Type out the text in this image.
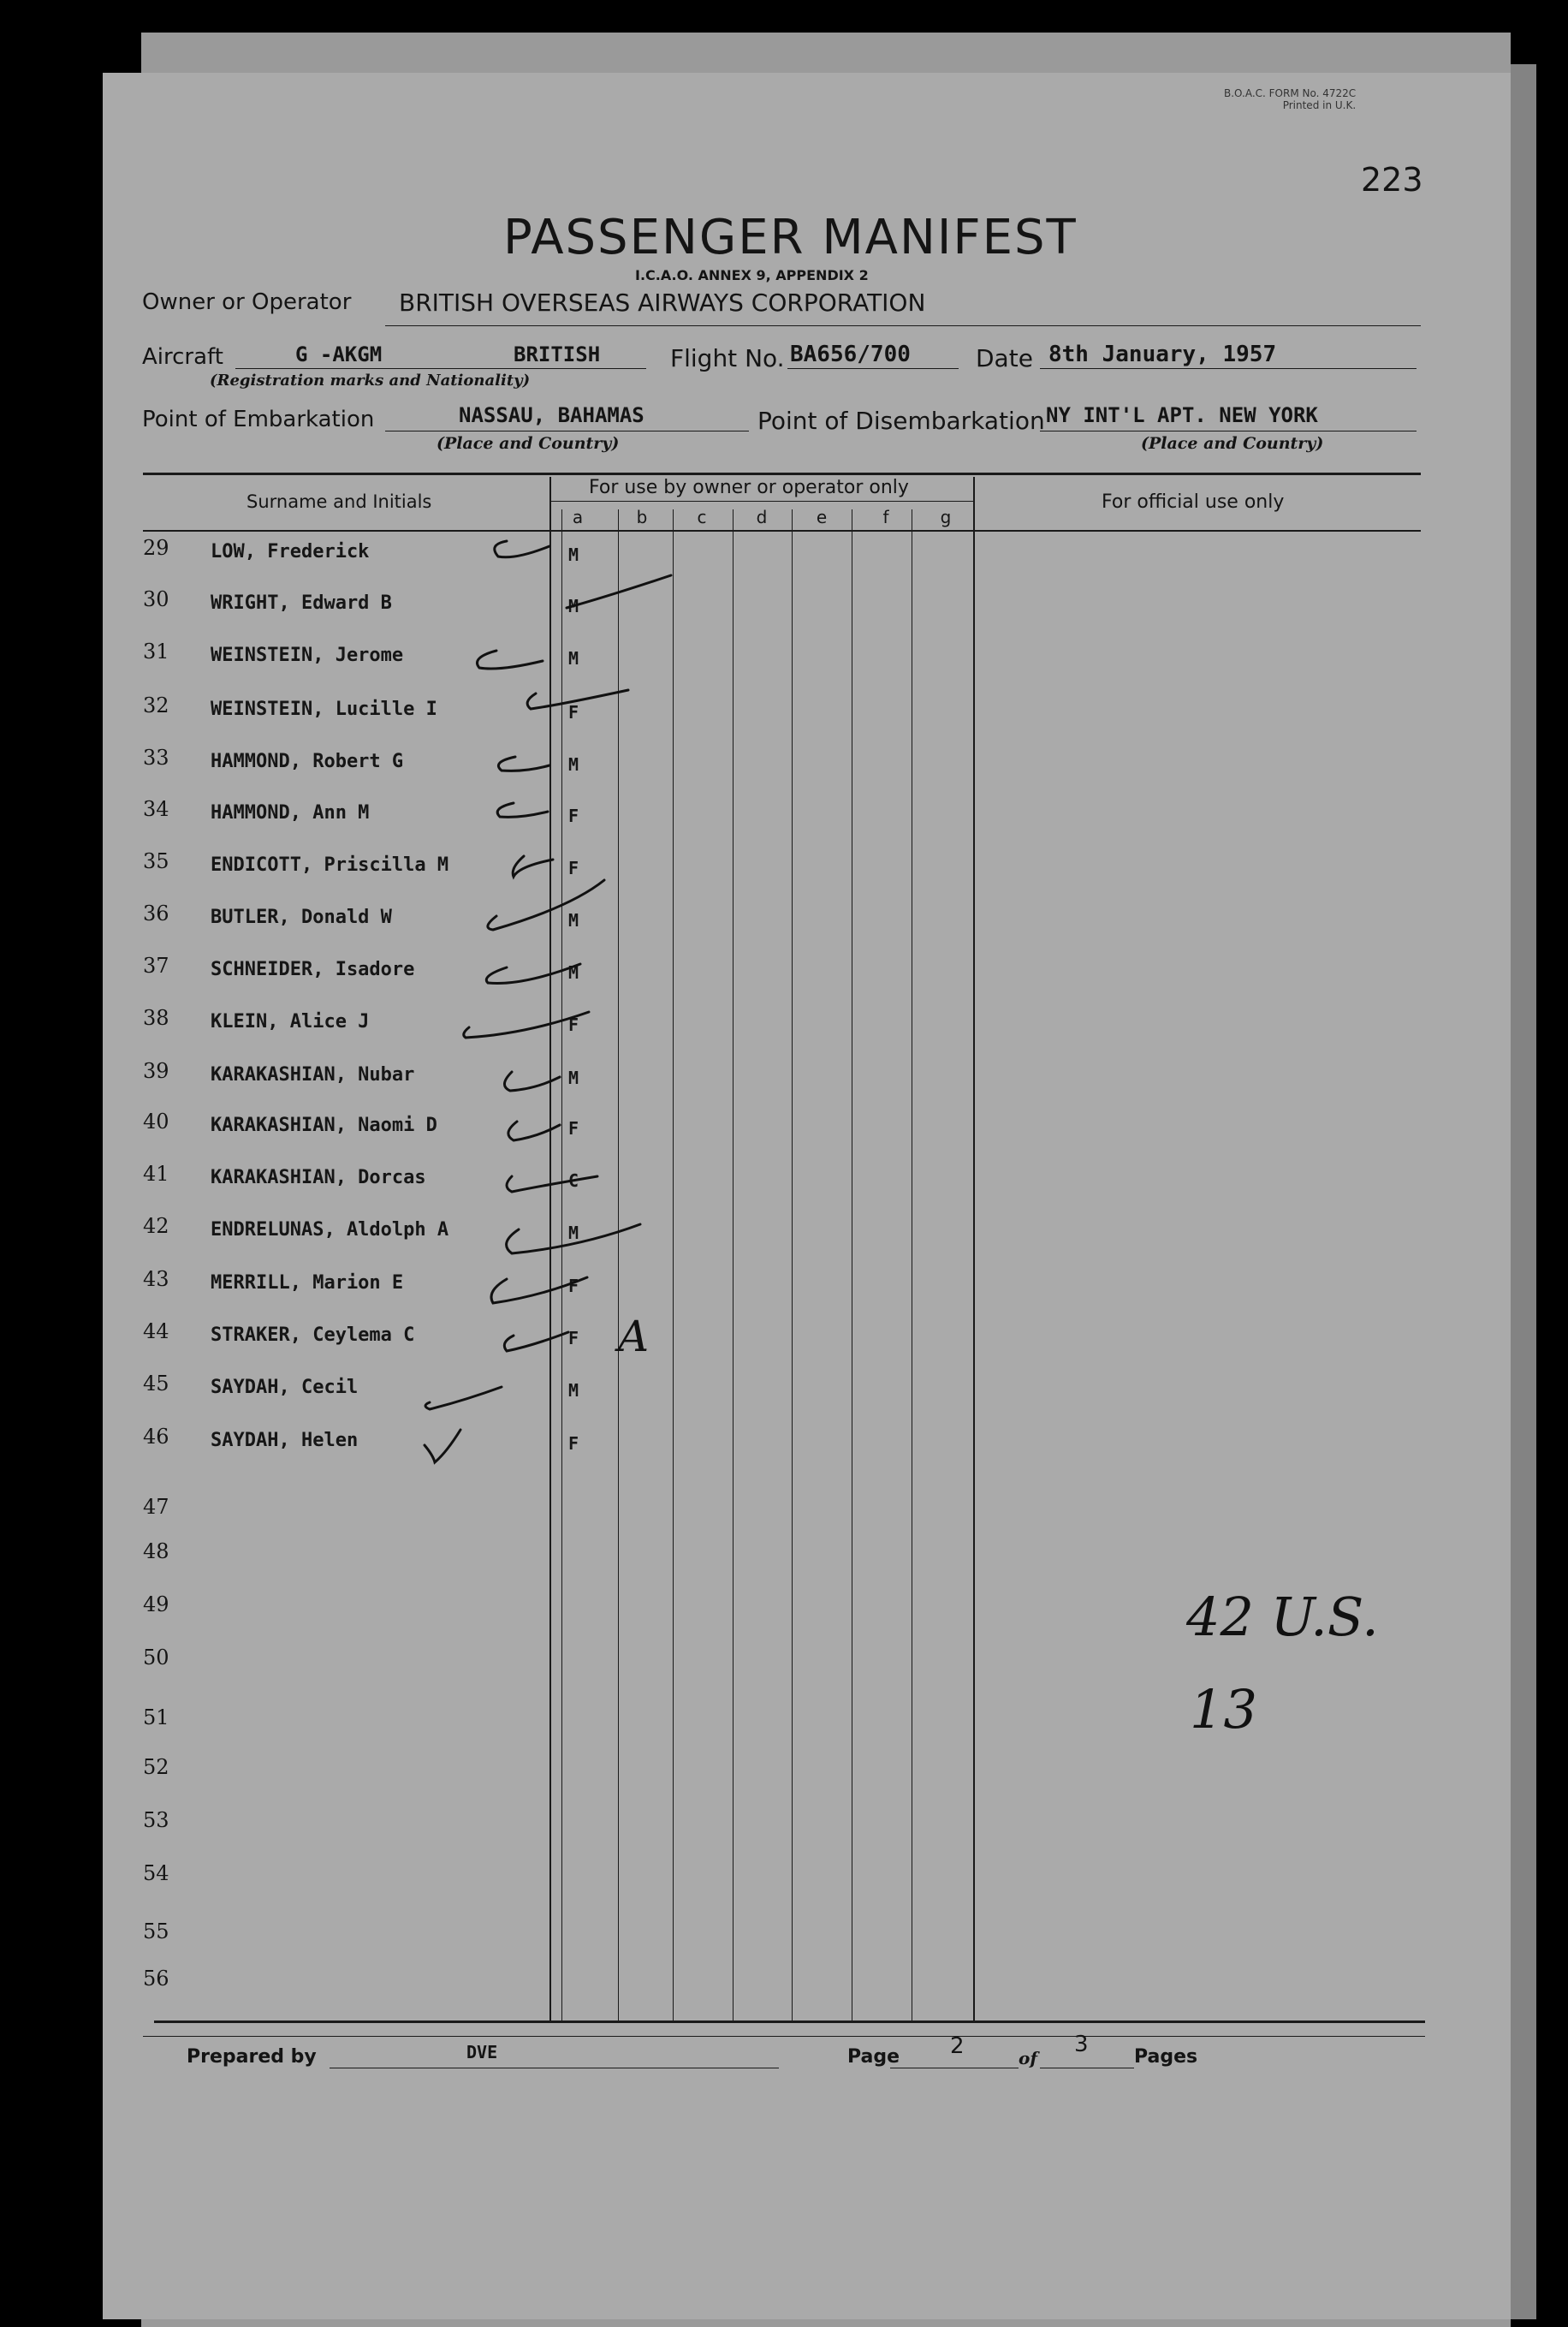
B.O.A.C. FORM No. 4722C
Printed in U.K.
223
PASSENGER MANIFEST
I.C.A.O. ANNEX 9, APPENDIX 2
Owner or Operator BRITISH OVERSEAS AIRWAYS CORPORATION
Aircraft	G -AKGM	BRITISH
(Registration marks and Nationality)
Flight No. BA656/700	Date 8th January, 1957
Point of Embarkation	NASSAU, BAHAMAS
(Place and Country)
Point of Disembarkation NY INT'L APT. NEW YORK
(Place and Country)
Surname and Initials
For use by owner or operator only
For official use only
a	b	c	d	e	f	g
29	LOW, Frederick	M
30	WRIGHT, Edward B	M
31	WEINSTEIN, Jerome	M
32	WEINSTEIN, Lucille I	F
33	HAMMOND, Robert G	M
34	HAMMOND, Ann M	F
35	ENDICOTT, Priscilla M	F
36	BUTLER, Donald W	M
37	SCHNEIDER, Isadore	M
38	KLEIN, Alice J	F
39	KARAKASHIAN, Nubar	M
40	KARAKASHIAN, Naomi D	F
41	KARAKASHIAN, Dorcas	C
42	ENDRELUNAS, Aldolph A	M
43	MERRILL, Marion E	F
44	STRAKER, Ceylema C	F
45	SAYDAH, Cecil	M
46	SAYDAH, Helen	F
47
48
49
50
51
52
53
54
55
56
A
42 U.S.
13
Prepared by	DVE	Page 2	of
3 Pages
